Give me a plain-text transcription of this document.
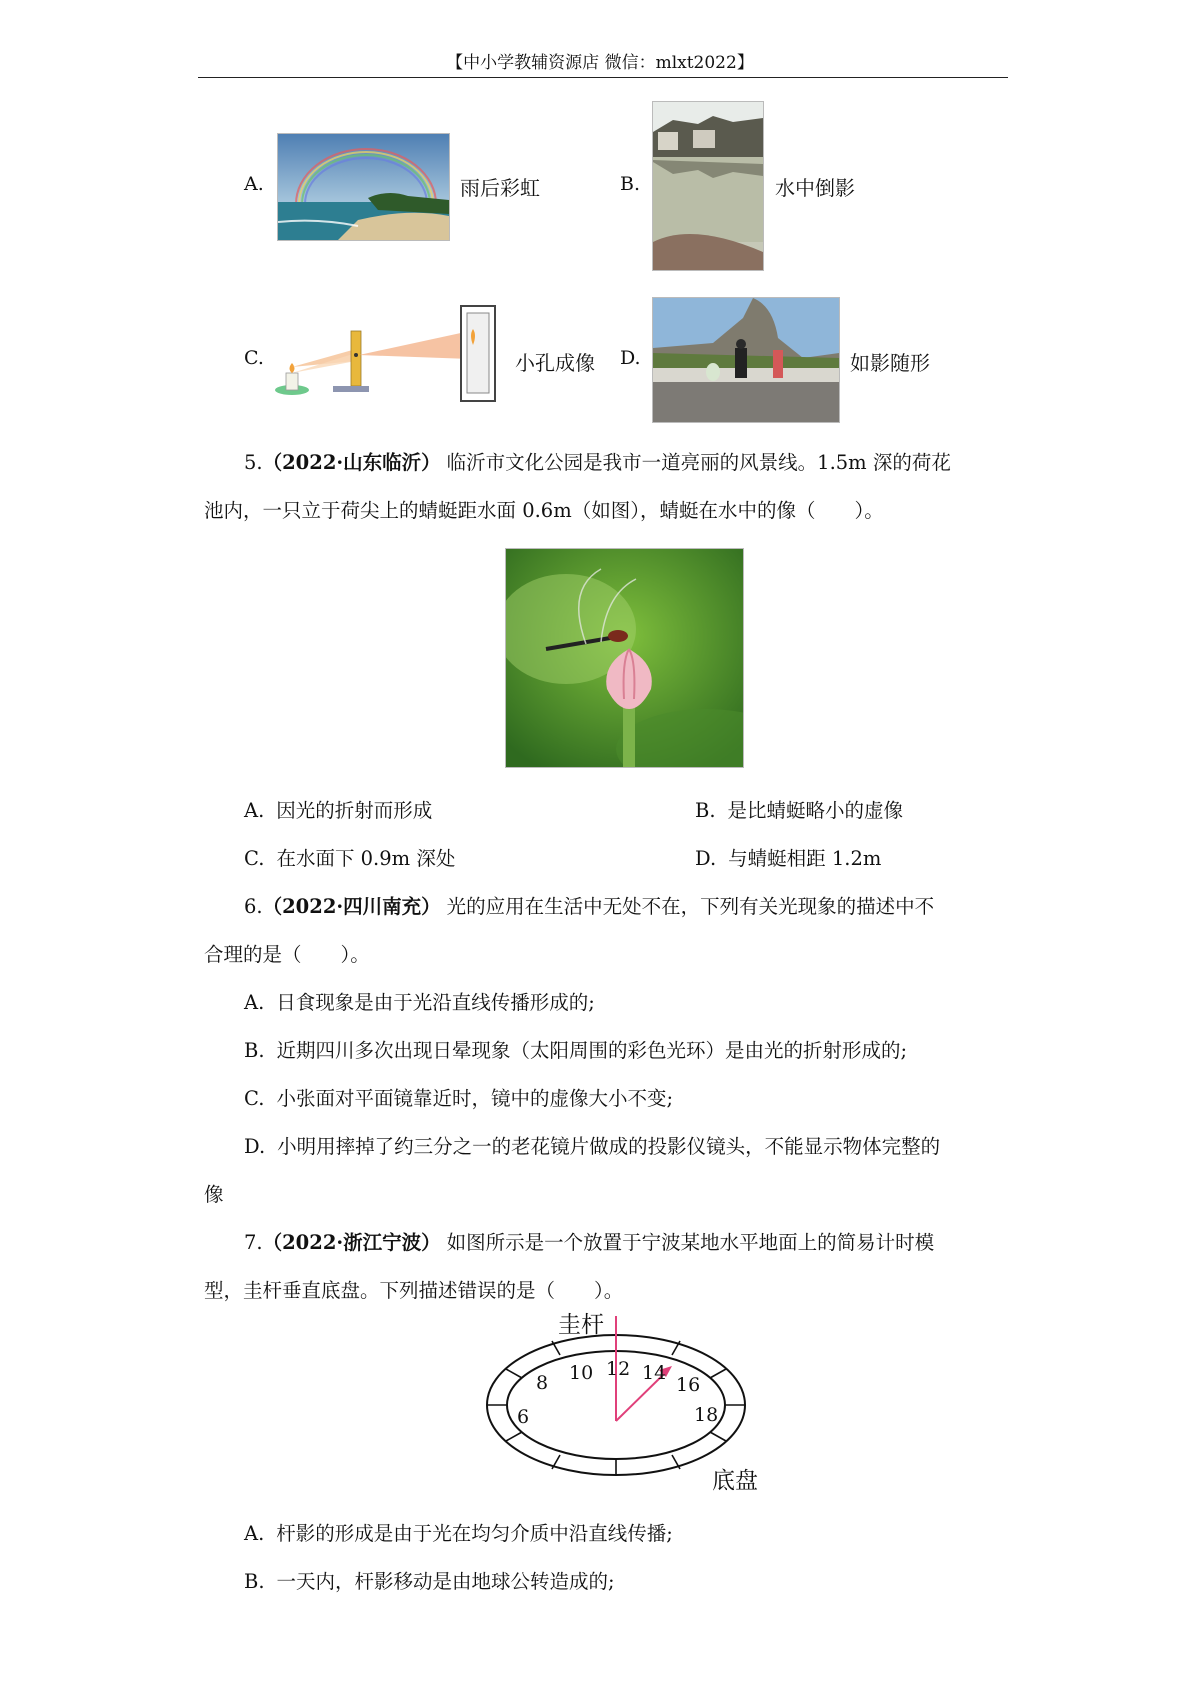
【中小学教辅资源店 微信：mlxt2022】
A.	雨后彩虹	B.	水中倒影
C.	小孔成像 D.	如影随形
5.（2022·山东临沂） 临沂市文化公园是我市一道亮丽的风景线。1.5m 深的荷花
池内，一只立于荷尖上的蜻蜓距水面 0.6m（如图），蜻蜓在水中的像（　　）。
A. 因光的折射而形成	B. 是比蜻蜓略小的虚像
C. 在水面下 0.9m 深处	D. 与蜻蜓相距 1.2m
6.（2022·四川南充） 光的应用在生活中无处不在，下列有关光现象的描述中不
合理的是（　　）。
A. 日食现象是由于光沿直线传播形成的;
B. 近期四川多次出现日晕现象（太阳周围的彩色光环）是由光的折射形成的;
C. 小张面对平面镜靠近时，镜中的虚像大小不变;
D. 小明用摔掉了约三分之一的老花镜片做成的投影仪镜头，不能显示物体完整的
像
7.（2022·浙江宁波） 如图所示是一个放置于宁波某地水平地面上的简易计时模
型，圭杆垂直底盘。下列描述错误的是（　　）。
圭杆
底盘
6
8 10 12 14
16
18
A. 杆影的形成是由于光在均匀介质中沿直线传播;
B. 一天内，杆影移动是由地球公转造成的;
